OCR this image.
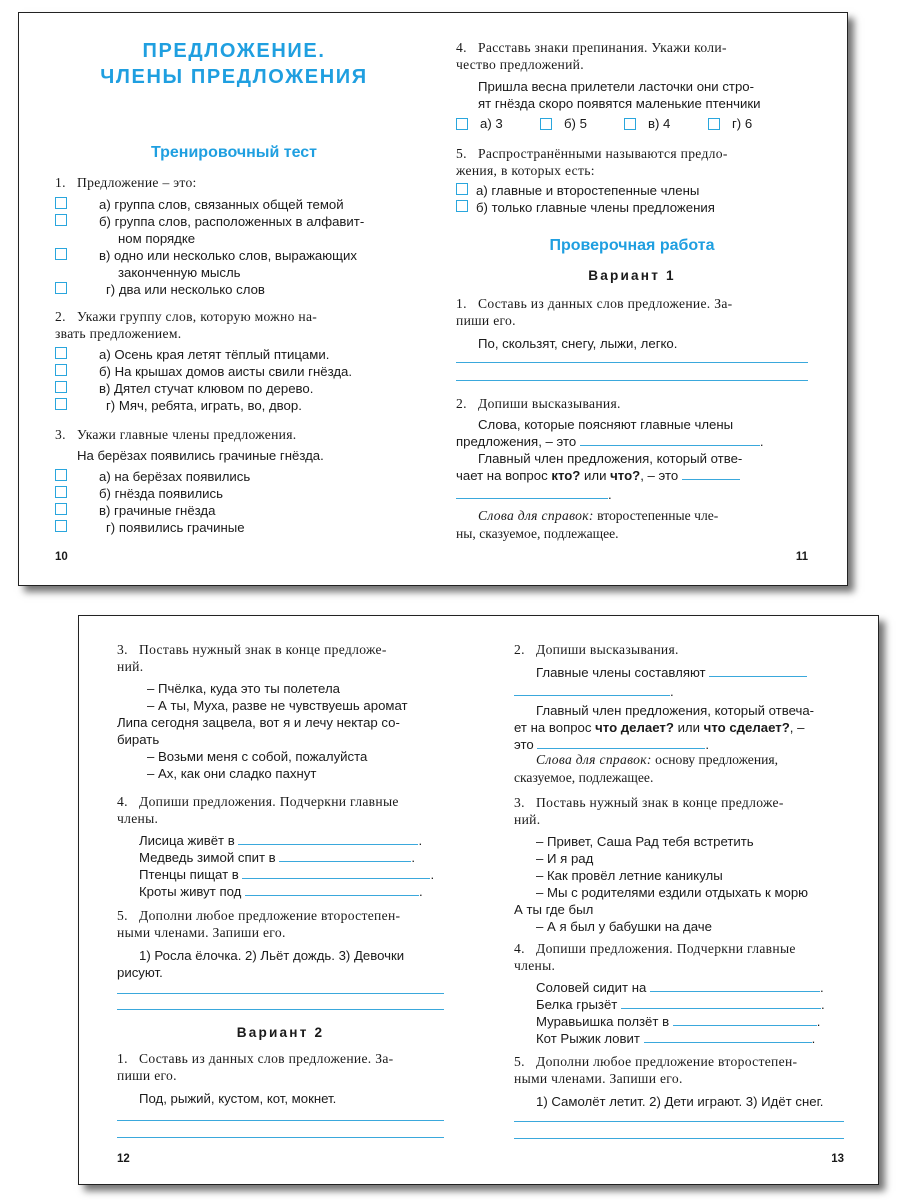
ПРЕДЛОЖЕНИЕ.
ЧЛЕНЫ ПРЕДЛОЖЕНИЯ
Тренировочный тест
1. Предложение – это:
а) группа слов, связанных общей темой
б) группа слов, расположенных в алфавит-
ном порядке
в) одно или несколько слов, выражающих
законченную мысль
г) два или несколько слов
2. Укажи группу слов, которую можно на-
звать предложением.
а) Осень края летят тёплый птицами.
б) На крышах домов аисты свили гнёзда.
в) Дятел стучат клювом по дерево.
г) Мяч, ребята, играть, во, двор.
3. Укажи главные члены предложения.
На берёзах появились грачиные гнёзда.
а) на берёзах появились
б) гнёзда появились
в) грачиные гнёзда
г) появились грачиные
10
4. Расставь знаки препинания. Укажи коли-
чество предложений.
Пришла весна прилетели ласточки они стро-
ят гнёзда скоро появятся маленькие птенчики
а) 3	б) 5	в) 4	г) 6
5. Распространёнными называются предло-
жения, в которых есть:
а) главные и второстепенные члены
б) только главные члены предложения
Проверочная работа
Вариант 1
1. Составь из данных слов предложение. За-
пиши его.
По, скользят, снегу, лыжи, легко.
2. Допиши высказывания.
Слова, которые поясняют главные члены
предложения, – это	.
Главный член предложения, который отве-
чает на вопрос кто? или что?, – это
.
Слова для справок: второстепенные чле-
ны, сказуемое, подлежащее.
11
3. Поставь нужный знак в конце предложе-
ний.
– Пчёлка, куда это ты полетела
– А ты, Муха, разве не чувствуешь аромат
Липа сегодня зацвела, вот я и лечу нектар со-
бирать
– Возьми меня с собой, пожалуйста
– Ах, как они сладко пахнут
4. Допиши предложения. Подчеркни главные
члены.
Лисица живёт в	.
Медведь зимой спит в	.
Птенцы пищат в	.
Кроты живут под	.
5. Дополни любое предложение второстепен-
ными членами. Запиши его.
1) Росла ёлочка. 2) Льёт дождь. 3) Девочки
рисуют.
Вариант 2
1. Составь из данных слов предложение. За-
пиши его.
Под, рыжий, кустом, кот, мокнет.
12
2. Допиши высказывания.
Главные члены составляют
.
Главный член предложения, который отвеча-
ет на вопрос что делает? или что сделает?, –
это	.
Слова для справок: основу предложения,
сказуемое, подлежащее.
3. Поставь нужный знак в конце предложе-
ний.
– Привет, Саша Рад тебя встретить
– И я рад
– Как провёл летние каникулы
– Мы с родителями ездили отдыхать к морю
А ты где был
– А я был у бабушки на даче
4. Допиши предложения. Подчеркни главные
члены.
Соловей сидит на	.
Белка грызёт	.
Муравьишка ползёт в	.
Кот Рыжик ловит	.
5. Дополни любое предложение второстепен-
ными членами. Запиши его.
1) Самолёт летит. 2) Дети играют. 3) Идёт снег.
13
